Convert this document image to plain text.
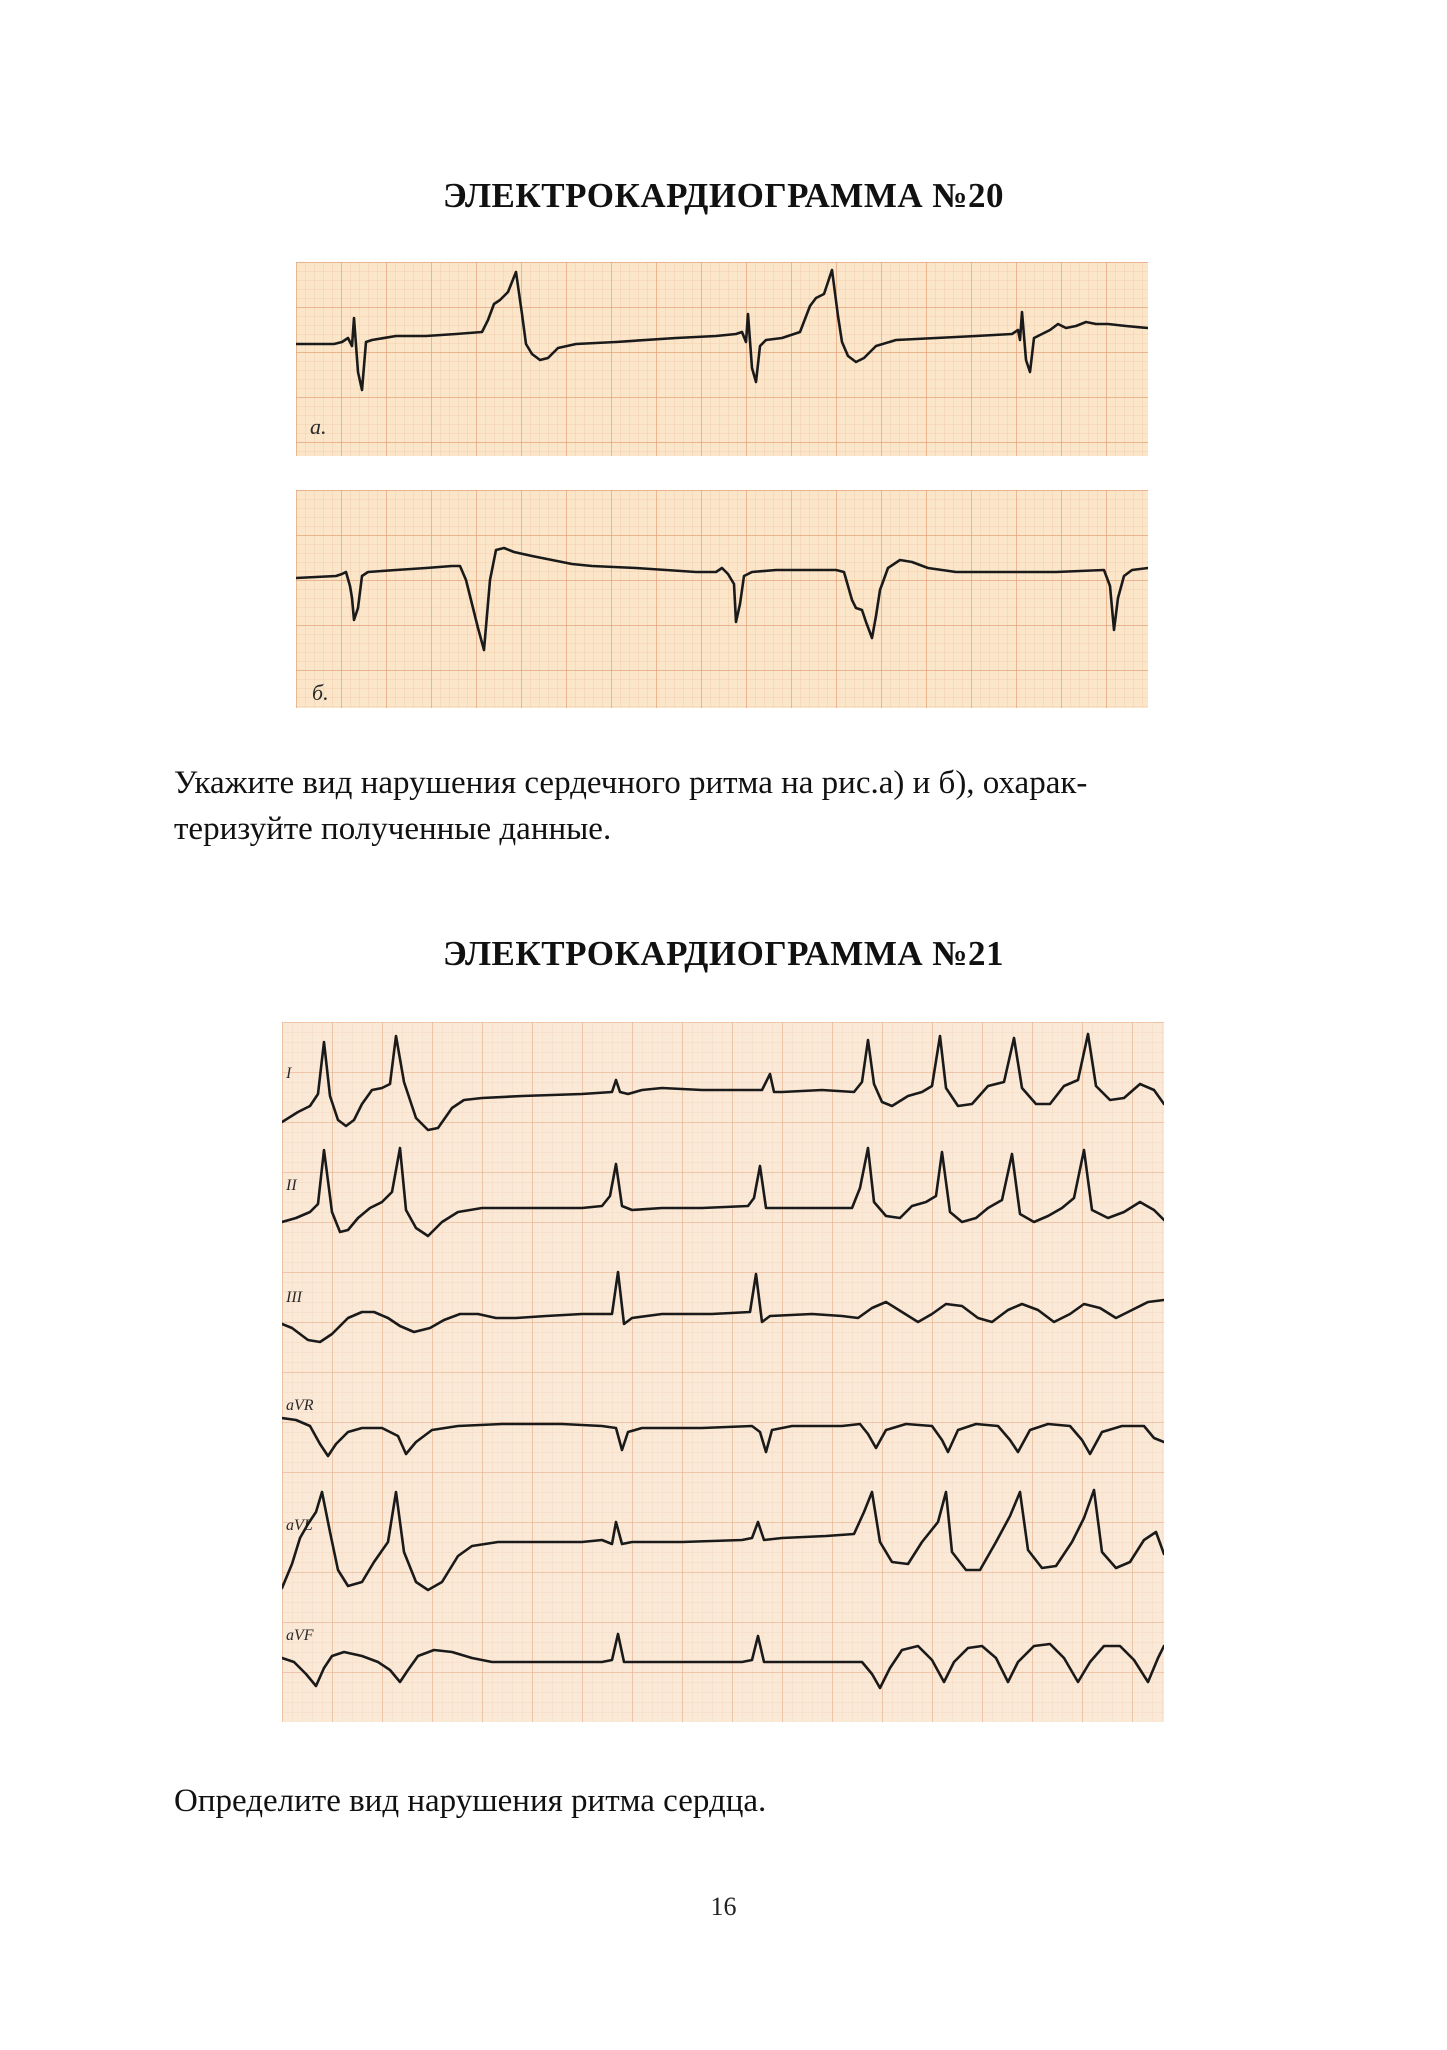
ЭЛЕКТРОКАРДИОГРАММА №20
а.
б.
Укажите вид нарушения сердечного ритма на рис.а) и б), охарак-
теризуйте полученные данные.
ЭЛЕКТРОКАРДИОГРАММА №21
I
II
III
aVR
aVL
aVF
Определите вид нарушения ритма сердца.
16
